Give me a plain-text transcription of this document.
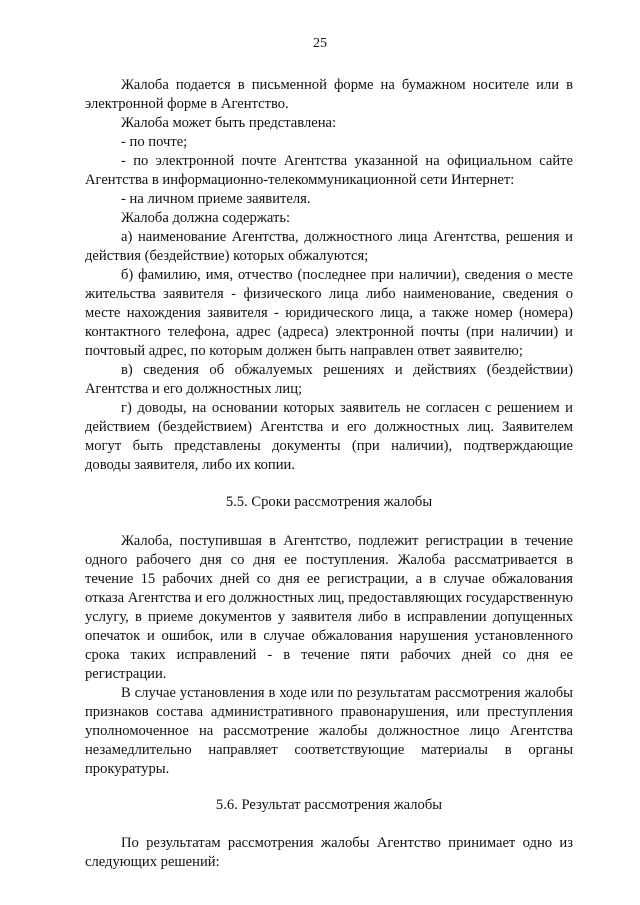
25

Жалоба подается в письменной форме на бумажном носителе или в электронной форме в Агентство.

Жалоба может быть представлена:

- по почте;

- по электронной почте Агентства указанной на официальном сайте Агентства в информационно-телекоммуникационной сети Интернет:

- на личном приеме заявителя.

Жалоба должна содержать:

а) наименование Агентства, должностного лица Агентства, решения и действия (бездействие) которых обжалуются;

б) фамилию, имя, отчество (последнее при наличии), сведения о месте жительства заявителя - физического лица либо наименование, сведения о месте нахождения заявителя - юридического лица, а также номер (номера) контактного телефона, адрес (адреса) электронной почты (при наличии) и почтовый адрес, по которым должен быть направлен ответ заявителю;

в) сведения об обжалуемых решениях и действиях (бездействии) Агентства и его должностных лиц;

г) доводы, на основании которых заявитель не согласен с решением и действием (бездействием) Агентства и его должностных лиц. Заявителем могут быть представлены документы (при наличии), подтверждающие доводы заявителя, либо их копии.

5.5. Сроки рассмотрения жалобы

Жалоба, поступившая в Агентство, подлежит регистрации в течение одного рабочего дня со дня ее поступления. Жалоба рассматривается в течение 15 рабочих дней со дня ее регистрации, а в случае обжалования отказа Агентства и его должностных лиц, предоставляющих государственную услугу, в приеме документов у заявителя либо в исправлении допущенных опечаток и ошибок, или в случае обжалования нарушения установленного срока таких исправлений - в течение пяти рабочих дней со дня ее регистрации.

В случае установления в ходе или по результатам рассмотрения жалобы признаков состава административного правонарушения, или преступления уполномоченное на рассмотрение жалобы должностное лицо Агентства незамедлительно направляет соответствующие материалы в органы прокуратуры.

5.6. Результат рассмотрения жалобы

По результатам рассмотрения жалобы Агентство принимает одно из следующих решений:
